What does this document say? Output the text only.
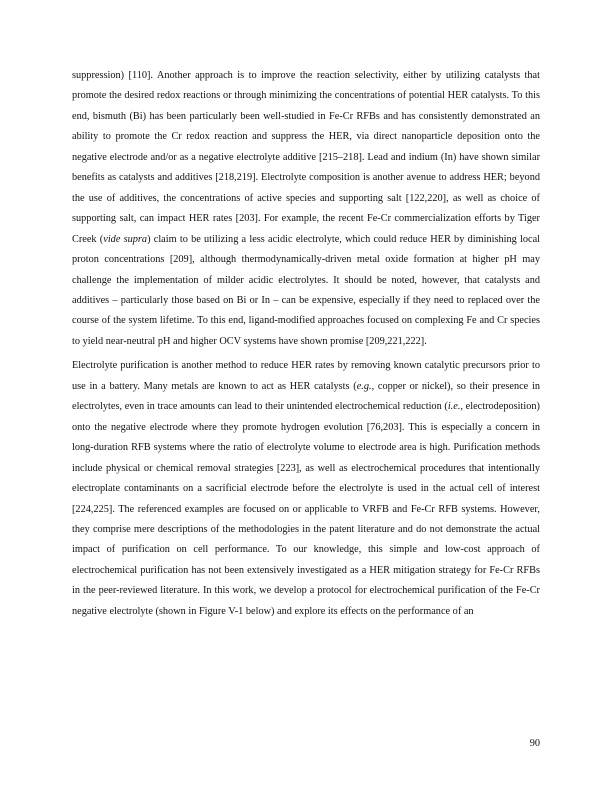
suppression) [110]. Another approach is to improve the reaction selectivity, either by utilizing catalysts that promote the desired redox reactions or through minimizing the concentrations of potential HER catalysts. To this end, bismuth (Bi) has been particularly been well-studied in Fe-Cr RFBs and has consistently demonstrated an ability to promote the Cr redox reaction and suppress the HER, via direct nanoparticle deposition onto the negative electrode and/or as a negative electrolyte additive [215–218]. Lead and indium (In) have shown similar benefits as catalysts and additives [218,219]. Electrolyte composition is another avenue to address HER; beyond the use of additives, the concentrations of active species and supporting salt [122,220], as well as choice of supporting salt, can impact HER rates [203]. For example, the recent Fe-Cr commercialization efforts by Tiger Creek (vide supra) claim to be utilizing a less acidic electrolyte, which could reduce HER by diminishing local proton concentrations [209], although thermodynamically-driven metal oxide formation at higher pH may challenge the implementation of milder acidic electrolytes. It should be noted, however, that catalysts and additives – particularly those based on Bi or In – can be expensive, especially if they need to replaced over the course of the system lifetime. To this end, ligand-modified approaches focused on complexing Fe and Cr species to yield near-neutral pH and higher OCV systems have shown promise [209,221,222].

Electrolyte purification is another method to reduce HER rates by removing known catalytic precursors prior to use in a battery. Many metals are known to act as HER catalysts (e.g., copper or nickel), so their presence in electrolytes, even in trace amounts can lead to their unintended electrochemical reduction (i.e., electrodeposition) onto the negative electrode where they promote hydrogen evolution [76,203]. This is especially a concern in long-duration RFB systems where the ratio of electrolyte volume to electrode area is high. Purification methods include physical or chemical removal strategies [223], as well as electrochemical procedures that intentionally electroplate contaminants on a sacrificial electrode before the electrolyte is used in the actual cell of interest [224,225]. The referenced examples are focused on or applicable to VRFB and Fe-Cr RFB systems. However, they comprise mere descriptions of the methodologies in the patent literature and do not demonstrate the actual impact of purification on cell performance. To our knowledge, this simple and low-cost approach of electrochemical purification has not been extensively investigated as a HER mitigation strategy for Fe-Cr RFBs in the peer-reviewed literature. In this work, we develop a protocol for electrochemical purification of the Fe-Cr negative electrolyte (shown in Figure V-1 below) and explore its effects on the performance of an

90
